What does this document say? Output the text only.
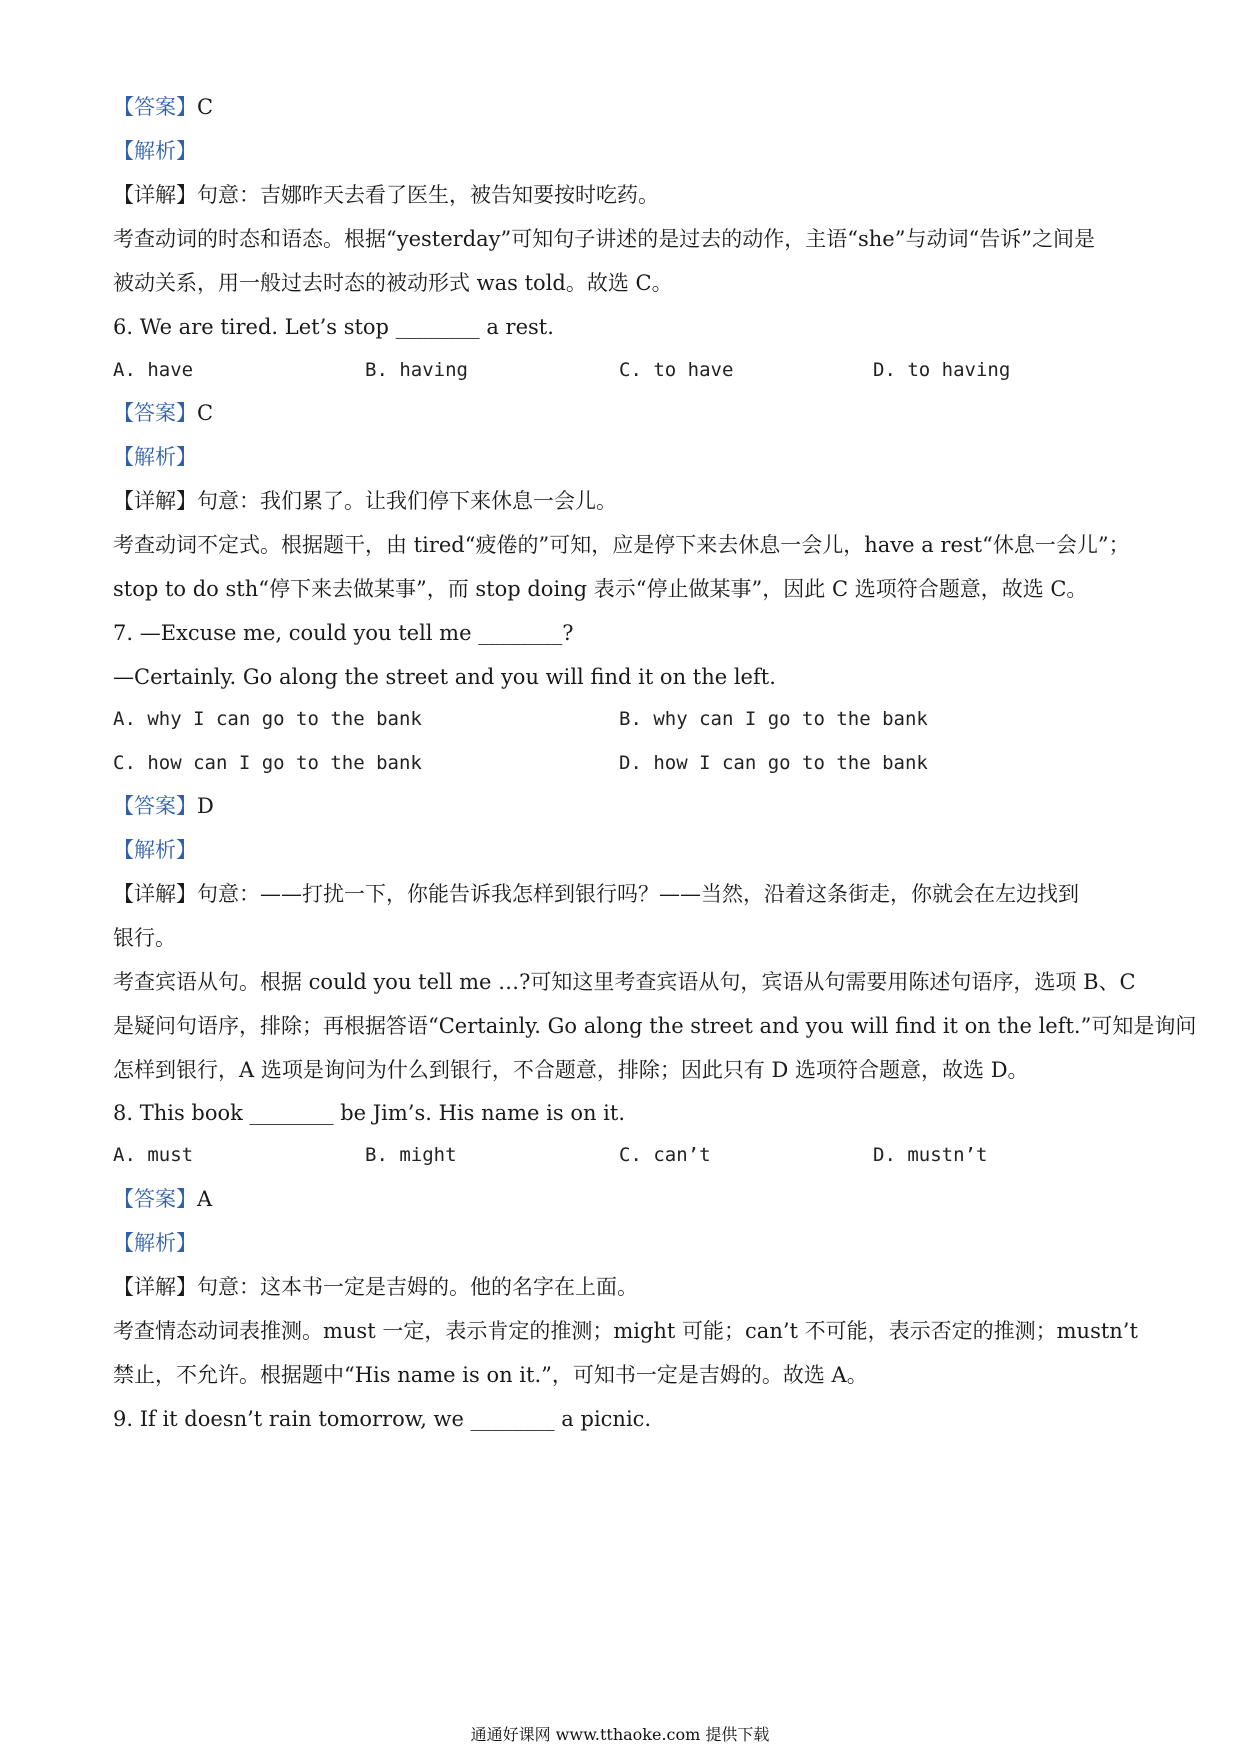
【答案】C
【解析】
【详解】句意：吉娜昨天去看了医生，被告知要按时吃药。
考查动词的时态和语态。根据“yesterday”可知句子讲述的是过去的动作，主语“she”与动词“告诉”之间是
被动关系，用一般过去时态的被动形式 was told。故选 C。
6. We are tired. Let’s stop ________ a rest.
A. have	B. having	C. to have	D. to having
【答案】C
【解析】
【详解】句意：我们累了。让我们停下来休息一会儿。
考查动词不定式。根据题干，由 tired“疲倦的”可知，应是停下来去休息一会儿，have a rest“休息一会儿”；
stop to do sth“停下来去做某事”，而 stop doing 表示“停止做某事”，因此 C 选项符合题意，故选 C。
7. —Excuse me, could you tell me ________?
—Certainly. Go along the street and you will find it on the left.
A. why I can go to the bank	B. why can I go to the bank
C. how can I go to the bank	D. how I can go to the bank
【答案】D
【解析】
【详解】句意：——打扰一下，你能告诉我怎样到银行吗？——当然，沿着这条街走，你就会在左边找到
银行。
考查宾语从句。根据 could you tell me …?可知这里考查宾语从句，宾语从句需要用陈述句语序，选项 B、C
是疑问句语序，排除；再根据答语“Certainly. Go along the street and you will find it on the left.”可知是询问
怎样到银行，A 选项是询问为什么到银行，不合题意，排除；因此只有 D 选项符合题意，故选 D。
8. This book ________ be Jim’s. His name is on it.
A. must	B. might	C. can’t	D. mustn’t
【答案】A
【解析】
【详解】句意：这本书一定是吉姆的。他的名字在上面。
考查情态动词表推测。must 一定，表示肯定的推测；might 可能；can’t 不可能，表示否定的推测；mustn’t
禁止，不允许。根据题中“His name is on it.”，可知书一定是吉姆的。故选 A。
9. If it doesn’t rain tomorrow, we ________ a picnic.
通通好课网 www.tthaoke.com 提供下载
